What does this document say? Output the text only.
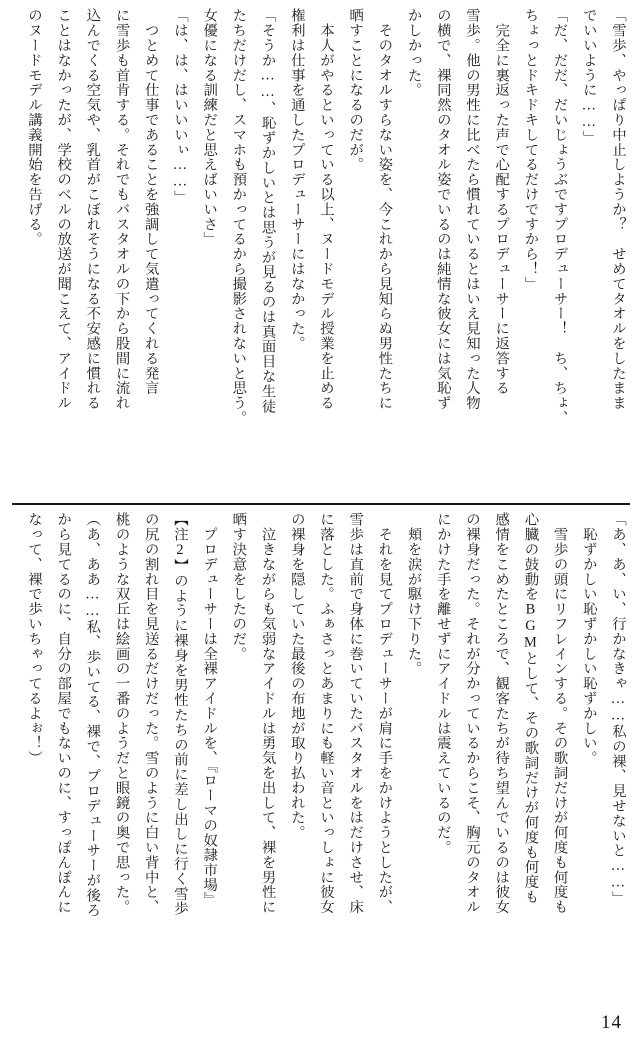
「雪歩、やっぱり中止しようか？　せめてタオルをしたまま
でいいように……」
「だ、だだ、だいじょうぶですプロデューサー！　ち、ちょ、
ちょっとドキドキしてるだけですから！」
　完全に裏返った声で心配するプロデューサーに返答する
雪歩。他の男性に比べたら慣れているとはいえ見知った人物
の横で、裸同然のタオル姿でいるのは純情な彼女には気恥ず
かしかった。
　そのタオルすらない姿を、今これから見知らぬ男性たちに
晒すことになるのだが。
　本人がやるといっている以上、ヌードモデル授業を止める
権利は仕事を通したプロデューサーにはなかった。
「そうか……、恥ずかしいとは思うが見るのは真面目な生徒
たちだけだし、スマホも預かってるから撮影されないと思う。
女優になる訓練だと思えばいいさ」
「は、は、はいいいぃ……」
　つとめて仕事であることを強調して気遣ってくれる発言
に雪歩も首肯する。それでもバスタオルの下から股間に流れ
込んでくる空気や、乳首がこぼれそうになる不安感に慣れる
ことはなかったが、学校のベルの放送が聞こえて、アイドル
のヌードモデル講義開始を告げる。
「あ、あ、い、行かなきゃ……私の裸、見せないと……」
　恥ずかしい恥ずかしい恥ずかしい。
　雪歩の頭にリフレインする。その歌詞だけが何度も何度も
心臓の鼓動をBGMとして、その歌詞だけが何度も何度も
感情をこめたところで、観客たちが待ち望んでいるのは彼女
の裸身だった。それが分かっているからこそ、胸元のタオル
にかけた手を離せずにアイドルは震えているのだ。
　頬を涙が駆け下りた。
　それを見てプロデューサーが肩に手をかけようとしたが、
雪歩は直前で身体に巻いていたバスタオルをはだけさせ、床
に落とした。ふぁさっとあまりにも軽い音といっしょに彼女
の裸身を隠していた最後の布地が取り払われた。
　泣きながらも気弱なアイドルは勇気を出して、裸を男性に
晒す決意をしたのだ。
　プロデューサーは全裸アイドルを、『ローマの奴隷市場』
【注2】のように裸身を男性たちの前に差し出しに行く雪歩
の尻の割れ目を見送るだけだった。雪のように白い背中と、
桃のような双丘は絵画の一番のようだと眼鏡の奥で思った。
（あ、ああ……私、歩いてる、裸で、プロデューサーが後ろ
から見てるのに、自分の部屋でもないのに、すっぽんぽんに
なって、裸で歩いちゃってるよぉ！）
14
